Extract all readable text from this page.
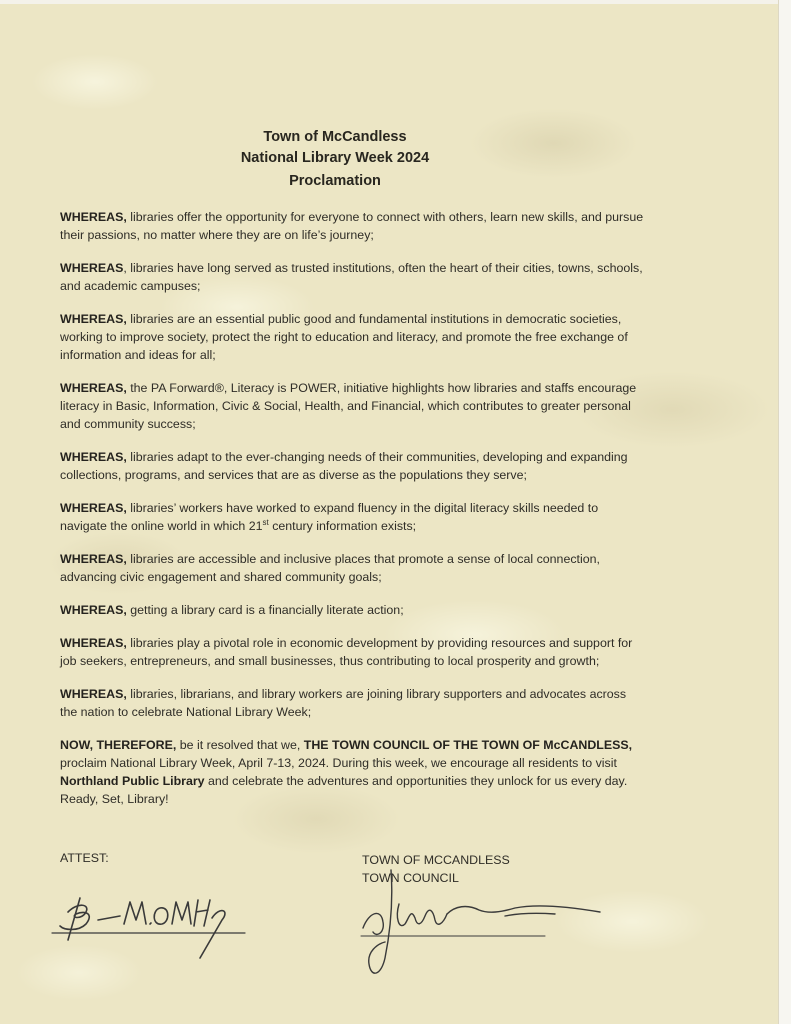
Town of McCandless
National Library Week 2024
Proclamation

WHEREAS, libraries offer the opportunity for everyone to connect with others, learn new skills, and pursue their passions, no matter where they are on life’s journey;

WHEREAS, libraries have long served as trusted institutions, often the heart of their cities, towns, schools, and academic campuses;

WHEREAS, libraries are an essential public good and fundamental institutions in democratic societies, working to improve society, protect the right to education and literacy, and promote the free exchange of information and ideas for all;

WHEREAS, the PA Forward®, Literacy is POWER, initiative highlights how libraries and staffs encourage literacy in Basic, Information, Civic & Social, Health, and Financial, which contributes to greater personal and community success;

WHEREAS, libraries adapt to the ever-changing needs of their communities, developing and expanding collections, programs, and services that are as diverse as the populations they serve;

WHEREAS, libraries’ workers have worked to expand fluency in the digital literacy skills needed to navigate the online world in which 21st century information exists;

WHEREAS, libraries are accessible and inclusive places that promote a sense of local connection, advancing civic engagement and shared community goals;

WHEREAS, getting a library card is a financially literate action;

WHEREAS, libraries play a pivotal role in economic development by providing resources and support for job seekers, entrepreneurs, and small businesses, thus contributing to local prosperity and growth;

WHEREAS, libraries, librarians, and library workers are joining library supporters and advocates across the nation to celebrate National Library Week;

NOW, THEREFORE, be it resolved that we, THE TOWN COUNCIL OF THE TOWN OF McCANDLESS, proclaim National Library Week, April 7-13, 2024. During this week, we encourage all residents to visit Northland Public Library and celebrate the adventures and opportunities they unlock for us every day. Ready, Set, Library!

ATTEST:	TOWN OF MCCANDLESS
TOWN COUNCIL
